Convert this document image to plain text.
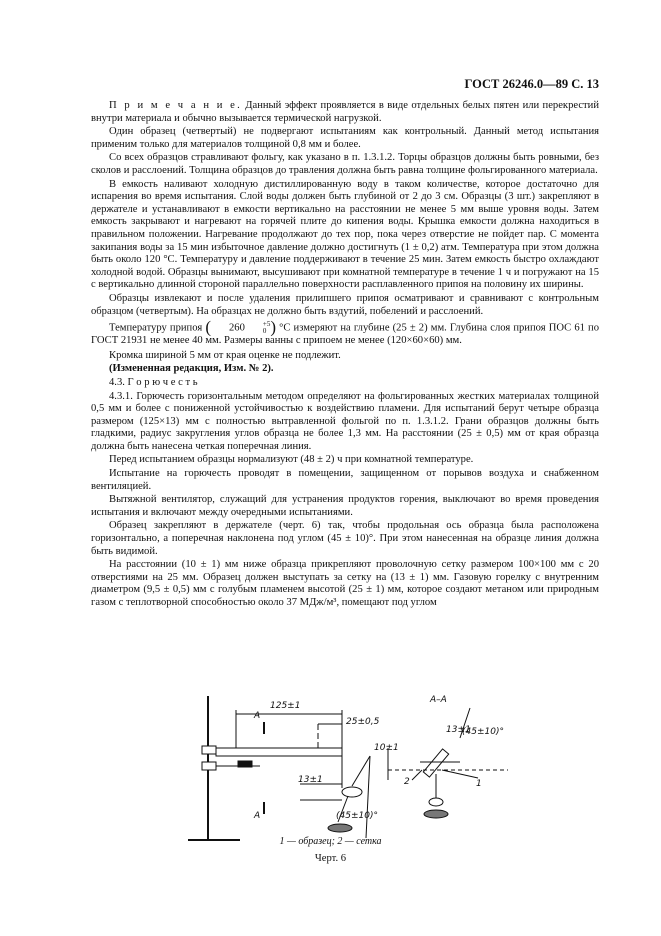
ГОСТ 26246.0—89 С. 13

П р и м е ч а н и е. Данный эффект проявляется в виде отдельных белых пятен или перекрестий внутри материала и обычно вызывается термической нагрузкой.

Один образец (четвертый) не подвергают испытаниям как контрольный. Данный метод испытания применим только для материалов толщиной 0,8 мм и более.

Со всех образцов стравливают фольгу, как указано в п. 1.3.1.2. Торцы образцов должны быть ровными, без сколов и расслоений. Толщина образцов до травления должна быть равна толщине фольгированного материала.

В емкость наливают холодную дистиллированную воду в таком количестве, которое достаточно для испарения во время испытания. Слой воды должен быть глубиной от 2 до 3 см. Образцы (3 шт.) закрепляют в держателе и устанавливают в емкости вертикально на расстоянии не менее 5 мм выше уровня воды. Затем емкость закрывают и нагревают на горячей плите до кипения воды. Крышка емкости должна находиться в правильном положении. Нагревание продолжают до тех пор, пока через отверстие не пойдет пар. С момента закипания воды за 15 мин избыточное давление должно достигнуть (1 ± 0,2) атм. Температура при этом должна быть около 120 °С. Температуру и давление поддерживают в течение 25 мин. Затем емкость быстро охлаждают холодной водой. Образцы вынимают, высушивают при комнатной температуре в течение 1 ч и погружают на 15 с вертикально длинной стороной параллельно поверхности расплавленного припоя на половину их ширины.

Образцы извлекают и после удаления прилипшего припоя осматривают и сравнивают с контрольным образцом (четвертым). На образцах не должно быть вздутий, побелений и расслоений.

Температуру припоя ( 260	+5
0 ) °С измеряют на глубине (25 ± 2) мм. Глубина слоя припоя ПОС 61 по ГОСТ 21931 не менее 40 мм. Размеры ванны с припоем не менее (120×60×60) мм.

Кромка шириной 5 мм от края оценке не подлежит.

(Измененная редакция, Изм. № 2).

4.3. Г о р ю ч е с т ь

4.3.1. Горючесть горизонтальным методом определяют на фольгированных жестких материалах толщиной 0,5 мм и более с пониженной устойчивостью к воздействию пламени. Для испытаний берут четыре образца размером (125×13) мм с полностью вытравленной фольгой по п. 1.3.1.2. Грани образцов должны быть гладкими, радиус закругления углов образца не более 1,3 мм. На расстоянии (25 ± 0,5) мм от края образца должна быть нанесена четкая поперечная линия.

Перед испытанием образцы нормализуют (48 ± 2) ч при комнатной температуре.

Испытание на горючесть проводят в помещении, защищенном от порывов воздуха и снабженном вентиляцией.

Вытяжной вентилятор, служащий для устранения продуктов горения, выключают во время проведения испытания и включают между очередными испытаниями.

Образец закрепляют в держателе (черт. 6) так, чтобы продольная ось образца была расположена горизонтально, а поперечная наклонена под углом (45 ± 10)°. При этом нанесенная на образце линия должна быть видимой.

На расстоянии (10 ± 1) мм ниже образца прикрепляют проволочную сетку размером 100×100 мм с 20 отверстиями на 25 мм. Образец должен выступать за сетку на (13 ± 1) мм. Газовую горелку с внутренним диаметром (9,5 ± 0,5) мм с голубым пламенем высотой (25 ± 1) мм, которое создают метаном или природным газом с теплотворной способностью около 37 МДж/м³, помещают под углом

125±1
25±0,5
13±1
(45±10)°
A
A
A–A
13±1
10±1
(45±10)°
2	1
1 — образец; 2 — сетка
Черт. 6
